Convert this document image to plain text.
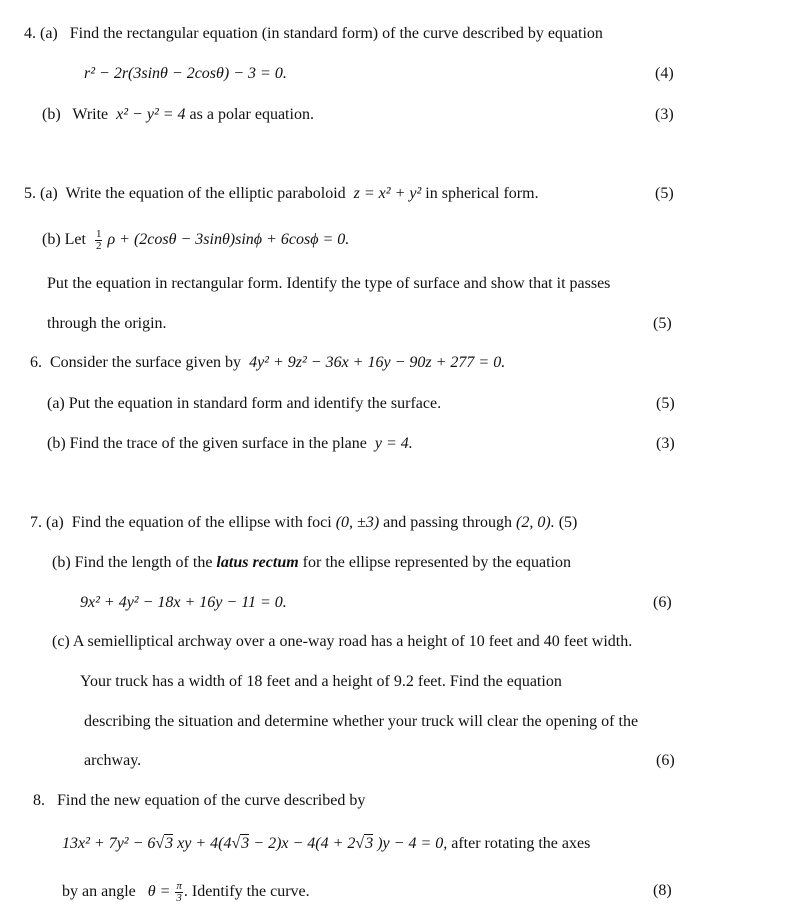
4. (a) Find the rectangular equation (in standard form) of the curve described by equation
r² − 2r(3sinθ − 2cosθ) − 3 = 0.	(4)
(b) Write x² − y² = 4 as a polar equation.	(3)
5. (a) Write the equation of the elliptic paraboloid z = x² + y² in spherical form.	(5)
(b) Let $\frac{1}{2}$ ρ + (2cosθ − 3sinθ)sinϕ + 6cosϕ = 0.
Put the equation in rectangular form. Identify the type of surface and show that it passes
through the origin.	(5)
6. Consider the surface given by 4y² + 9z² − 36x + 16y − 90z + 277 = 0.
(a) Put the equation in standard form and identify the surface.	(5)
(b) Find the trace of the given surface in the plane y = 4.	(3)
7. (a) Find the equation of the ellipse with foci (0, ±3) and passing through (2, 0). (5)
(b) Find the length of the latus rectum for the ellipse represented by the equation
9x² + 4y² − 18x + 16y − 11 = 0.	(6)
(c) A semielliptical archway over a one-way road has a height of 10 feet and 40 feet width.
Your truck has a width of 18 feet and a height of 9.2 feet. Find the equation
describing the situation and determine whether your truck will clear the opening of the
archway.	(6)
8. Find the new equation of the curve described by
13x² + 7y² − 6√3 xy + 4(4√3 − 2)x − 4(4 + 2√3 )y − 4 = 0, after rotating the axes
by an angle $\theta = \frac{\pi}{3}$ . Identify the curve.	(8)
